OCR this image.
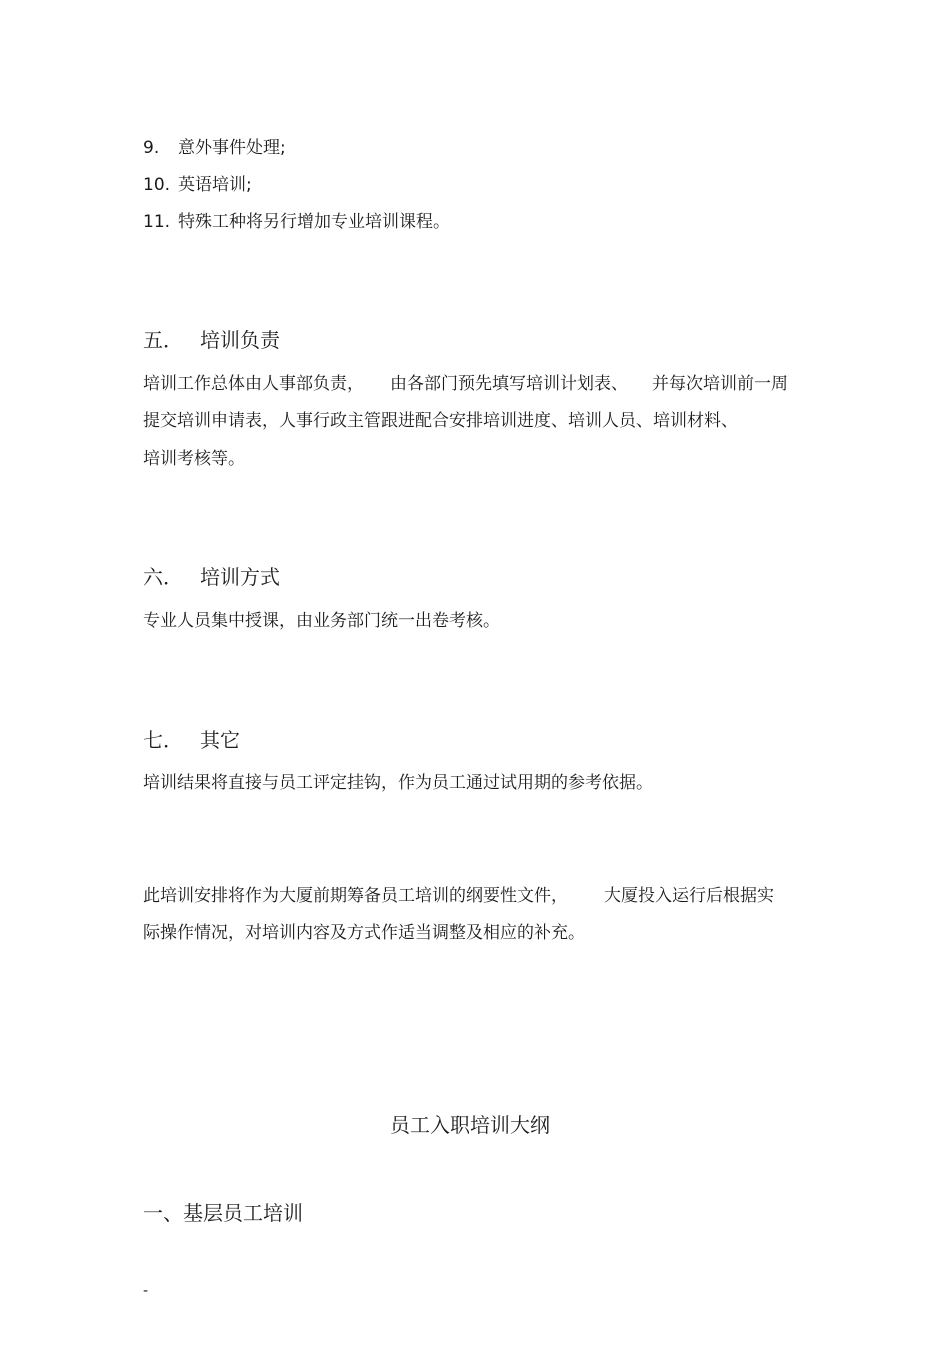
9. 意外事件处理;
10. 英语培训;
11. 特殊工种将另行增加专业培训课程。
五． 培训负责
培训工作总体由人事部负责， 由各部门预先填写培训计划表、 并每次培训前一周
提交培训申请表，人事行政主管跟进配合安排培训进度、培训人员、培训材料、
培训考核等。
六． 培训方式
专业人员集中授课，由业务部门统一出卷考核。
七． 其它
培训结果将直接与员工评定挂钩，作为员工通过试用期的参考依据。
此培训安排将作为大厦前期筹备员工培训的纲要性文件， 大厦投入运行后根据实
际操作情况，对培训内容及方式作适当调整及相应的补充。
员工入职培训大纲
一、基层员工培训
-
